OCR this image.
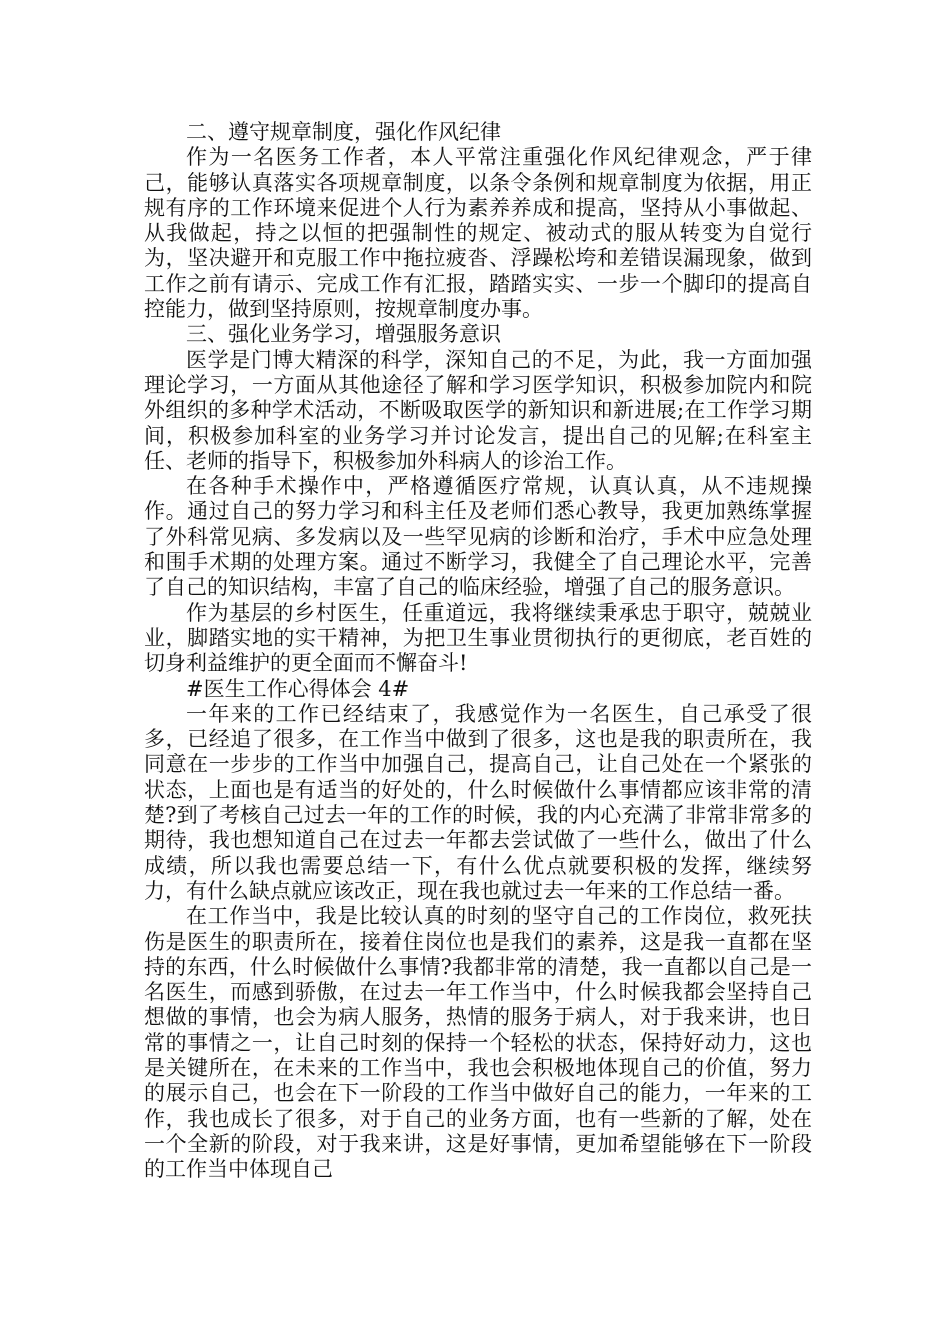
二、遵守规章制度，强化作风纪律

作为一名医务工作者，本人平常注重强化作风纪律观念，严于律己，能够认真落实各项规章制度，以条令条例和规章制度为依据，用正规有序的工作环境来促进个人行为素养养成和提高，坚持从小事做起、从我做起，持之以恒的把强制性的规定、被动式的服从转变为自觉行为，坚决避开和克服工作中拖拉疲沓、浮躁松垮和差错误漏现象，做到工作之前有请示、完成工作有汇报，踏踏实实、一步一个脚印的提高自控能力，做到坚持原则，按规章制度办事。

三、强化业务学习，增强服务意识

医学是门博大精深的科学，深知自己的不足，为此，我一方面加强理论学习，一方面从其他途径了解和学习医学知识，积极参加院内和院外组织的多种学术活动，不断吸取医学的新知识和新进展;在工作学习期间，积极参加科室的业务学习并讨论发言，提出自己的见解;在科室主任、老师的指导下，积极参加外科病人的诊治工作。

在各种手术操作中，严格遵循医疗常规，认真认真，从不违规操作。通过自己的努力学习和科主任及老师们悉心教导，我更加熟练掌握了外科常见病、多发病以及一些罕见病的诊断和治疗，手术中应急处理和围手术期的处理方案。通过不断学习，我健全了自己理论水平，完善了自己的知识结构，丰富了自己的临床经验，增强了自己的服务意识。

作为基层的乡村医生，任重道远，我将继续秉承忠于职守，兢兢业业，脚踏实地的实干精神，为把卫生事业贯彻执行的更彻底，老百姓的切身利益维护的更全面而不懈奋斗!

#医生工作心得体会 4#

一年来的工作已经结束了，我感觉作为一名医生，自己承受了很多，已经追了很多，在工作当中做到了很多，这也是我的职责所在，我同意在一步步的工作当中加强自己，提高自己，让自己处在一个紧张的状态，上面也是有适当的好处的，什么时候做什么事情都应该非常的清楚?到了考核自己过去一年的工作的时候，我的内心充满了非常非常多的期待，我也想知道自己在过去一年都去尝试做了一些什么，做出了什么成绩，所以我也需要总结一下，有什么优点就要积极的发挥，继续努力，有什么缺点就应该改正，现在我也就过去一年来的工作总结一番。

在工作当中，我是比较认真的时刻的坚守自己的工作岗位，救死扶伤是医生的职责所在，接着住岗位也是我们的素养，这是我一直都在坚持的东西，什么时候做什么事情?我都非常的清楚，我一直都以自己是一名医生，而感到骄傲，在过去一年工作当中，什么时候我都会坚持自己想做的事情，也会为病人服务，热情的服务于病人，对于我来讲，也日常的事情之一，让自己时刻的保持一个轻松的状态，保持好动力，这也是关键所在，在未来的工作当中，我也会积极地体现自己的价值，努力的展示自己，也会在下一阶段的工作当中做好自己的能力，一年来的工作，我也成长了很多，对于自己的业务方面，也有一些新的了解，处在一个全新的阶段，对于我来讲，这是好事情，更加希望能够在下一阶段的工作当中体现自己
